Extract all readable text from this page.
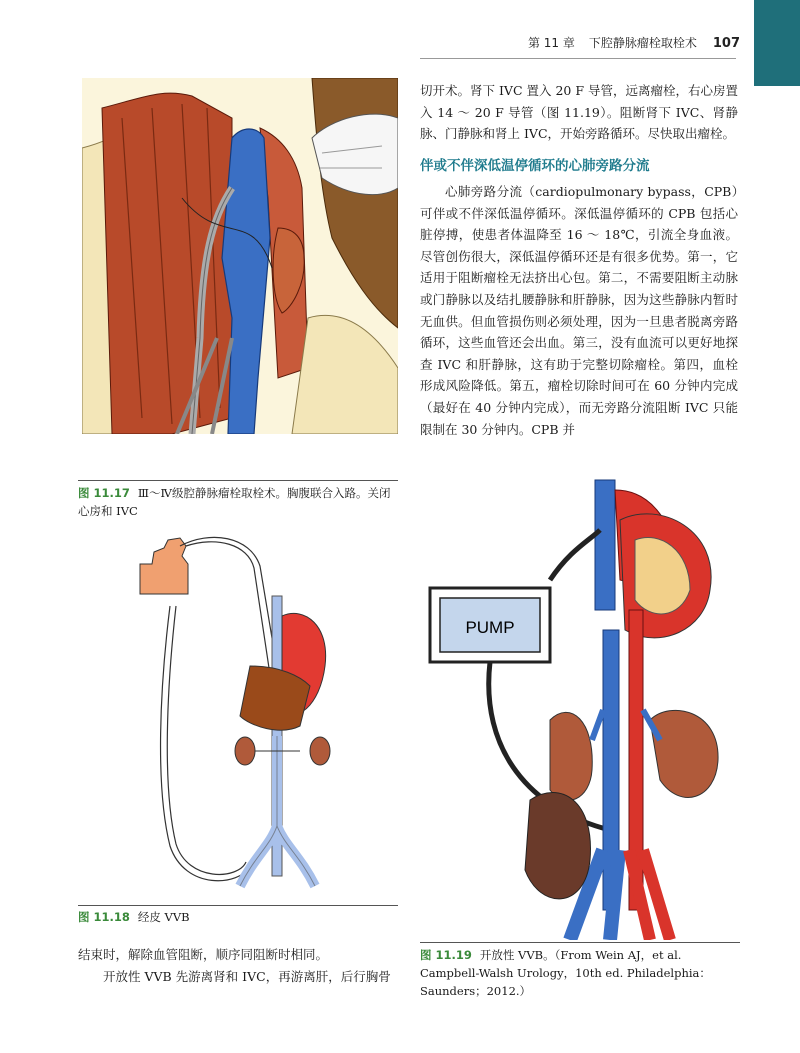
第 11 章 下腔静脉瘤栓取栓术 107
图 11.17 Ⅲ～Ⅳ级腔静脉瘤栓取栓术。胸腹联合入路。关闭心房和 IVC
图 11.18 经皮 VVB
PUMP
图 11.19 开放性 VVB。（From Wein AJ，et al. Campbell-Walsh Urology，10th ed. Philadelphia：Saunders；2012.）

切开术。肾下 IVC 置入 20 F 导管，远离瘤栓，右心房置入 14 ～ 20 F 导管（图 11.19）。阻断肾下 IVC、肾静脉、门静脉和肾上 IVC，开始旁路循环。尽快取出瘤栓。

伴或不伴深低温停循环的心肺旁路分流

心肺旁路分流（cardiopulmonary bypass，CPB）可伴或不伴深低温停循环。深低温停循环的 CPB 包括心脏停搏，使患者体温降至 16 ～ 18℃，引流全身血液。尽管创伤很大，深低温停循环还是有很多优势。第一，它适用于阻断瘤栓无法挤出心包。第二，不需要阻断主动脉或门静脉以及结扎腰静脉和肝静脉，因为这些静脉内暂时无血供。但血管损伤则必须处理，因为一旦患者脱离旁路循环，这些血管还会出血。第三，没有血流可以更好地探查 IVC 和肝静脉，这有助于完整切除瘤栓。第四，血栓形成风险降低。第五，瘤栓切除时间可在 60 分钟内完成（最好在 40 分钟内完成），而无旁路分流阻断 IVC 只能限制在 30 分钟内。CPB 并

结束时，解除血管阻断，顺序同阻断时相同。

开放性 VVB 先游离肾和 IVC，再游离肝，后行胸骨
